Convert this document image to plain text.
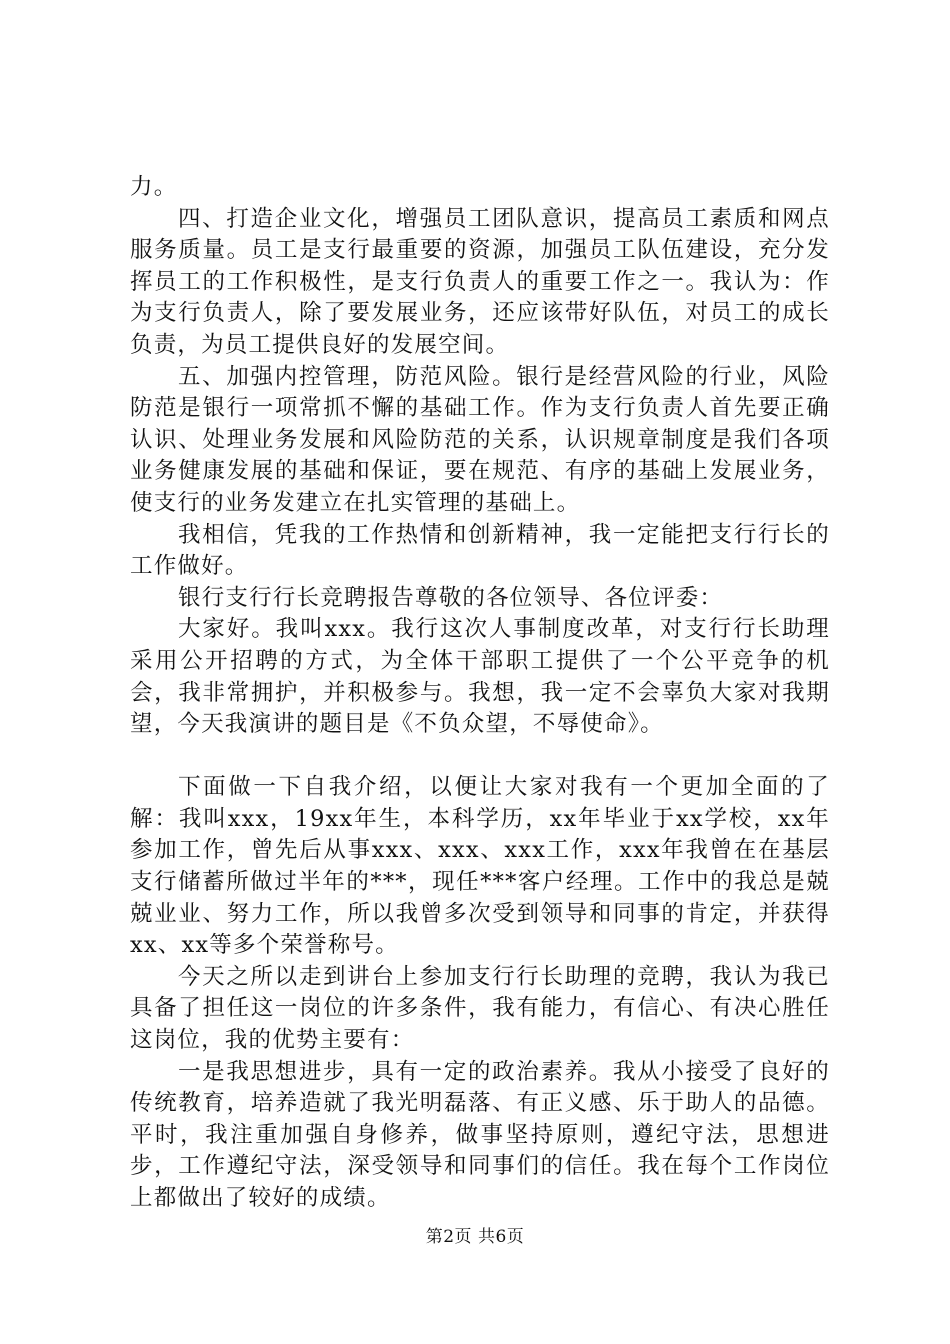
力。

四、打造企业文化，增强员工团队意识，提高员工素质和网点服务质量。员工是支行最重要的资源，加强员工队伍建设，充分发挥员工的工作积极性，是支行负责人的重要工作之一。我认为：作为支行负责人，除了要发展业务，还应该带好队伍，对员工的成长负责，为员工提供良好的发展空间。

五、加强内控管理，防范风险。银行是经营风险的行业，风险防范是银行一项常抓不懈的基础工作。作为支行负责人首先要正确认识、处理业务发展和风险防范的关系，认识规章制度是我们各项业务健康发展的基础和保证，要在规范、有序的基础上发展业务，使支行的业务发建立在扎实管理的基础上。

我相信，凭我的工作热情和创新精神，我一定能把支行行长的工作做好。

银行支行行长竞聘报告尊敬的各位领导、各位评委：

大家好。我叫xxx。我行这次人事制度改革，对支行行长助理采用公开招聘的方式，为全体干部职工提供了一个公平竞争的机会，我非常拥护，并积极参与。我想，我一定不会辜负大家对我期望，今天我演讲的题目是《不负众望，不辱使命》。

下面做一下自我介绍，以便让大家对我有一个更加全面的了解：我叫xxx，19xx年生，本科学历，xx年毕业于xx学校，xx年参加工作，曾先后从事xxx、xxx、xxx工作，xxx年我曾在在基层支行储蓄所做过半年的***，现任***客户经理。工作中的我总是兢兢业业、努力工作，所以我曾多次受到领导和同事的肯定，并获得xx、xx等多个荣誉称号。

今天之所以走到讲台上参加支行行长助理的竞聘，我认为我已具备了担任这一岗位的许多条件，我有能力，有信心、有决心胜任这岗位，我的优势主要有：

一是我思想进步，具有一定的政治素养。我从小接受了良好的传统教育，培养造就了我光明磊落、有正义感、乐于助人的品德。平时，我注重加强自身修养，做事坚持原则，遵纪守法，思想进步，工作遵纪守法，深受领导和同事们的信任。我在每个工作岗位上都做出了较好的成绩。

第2页 共6页
